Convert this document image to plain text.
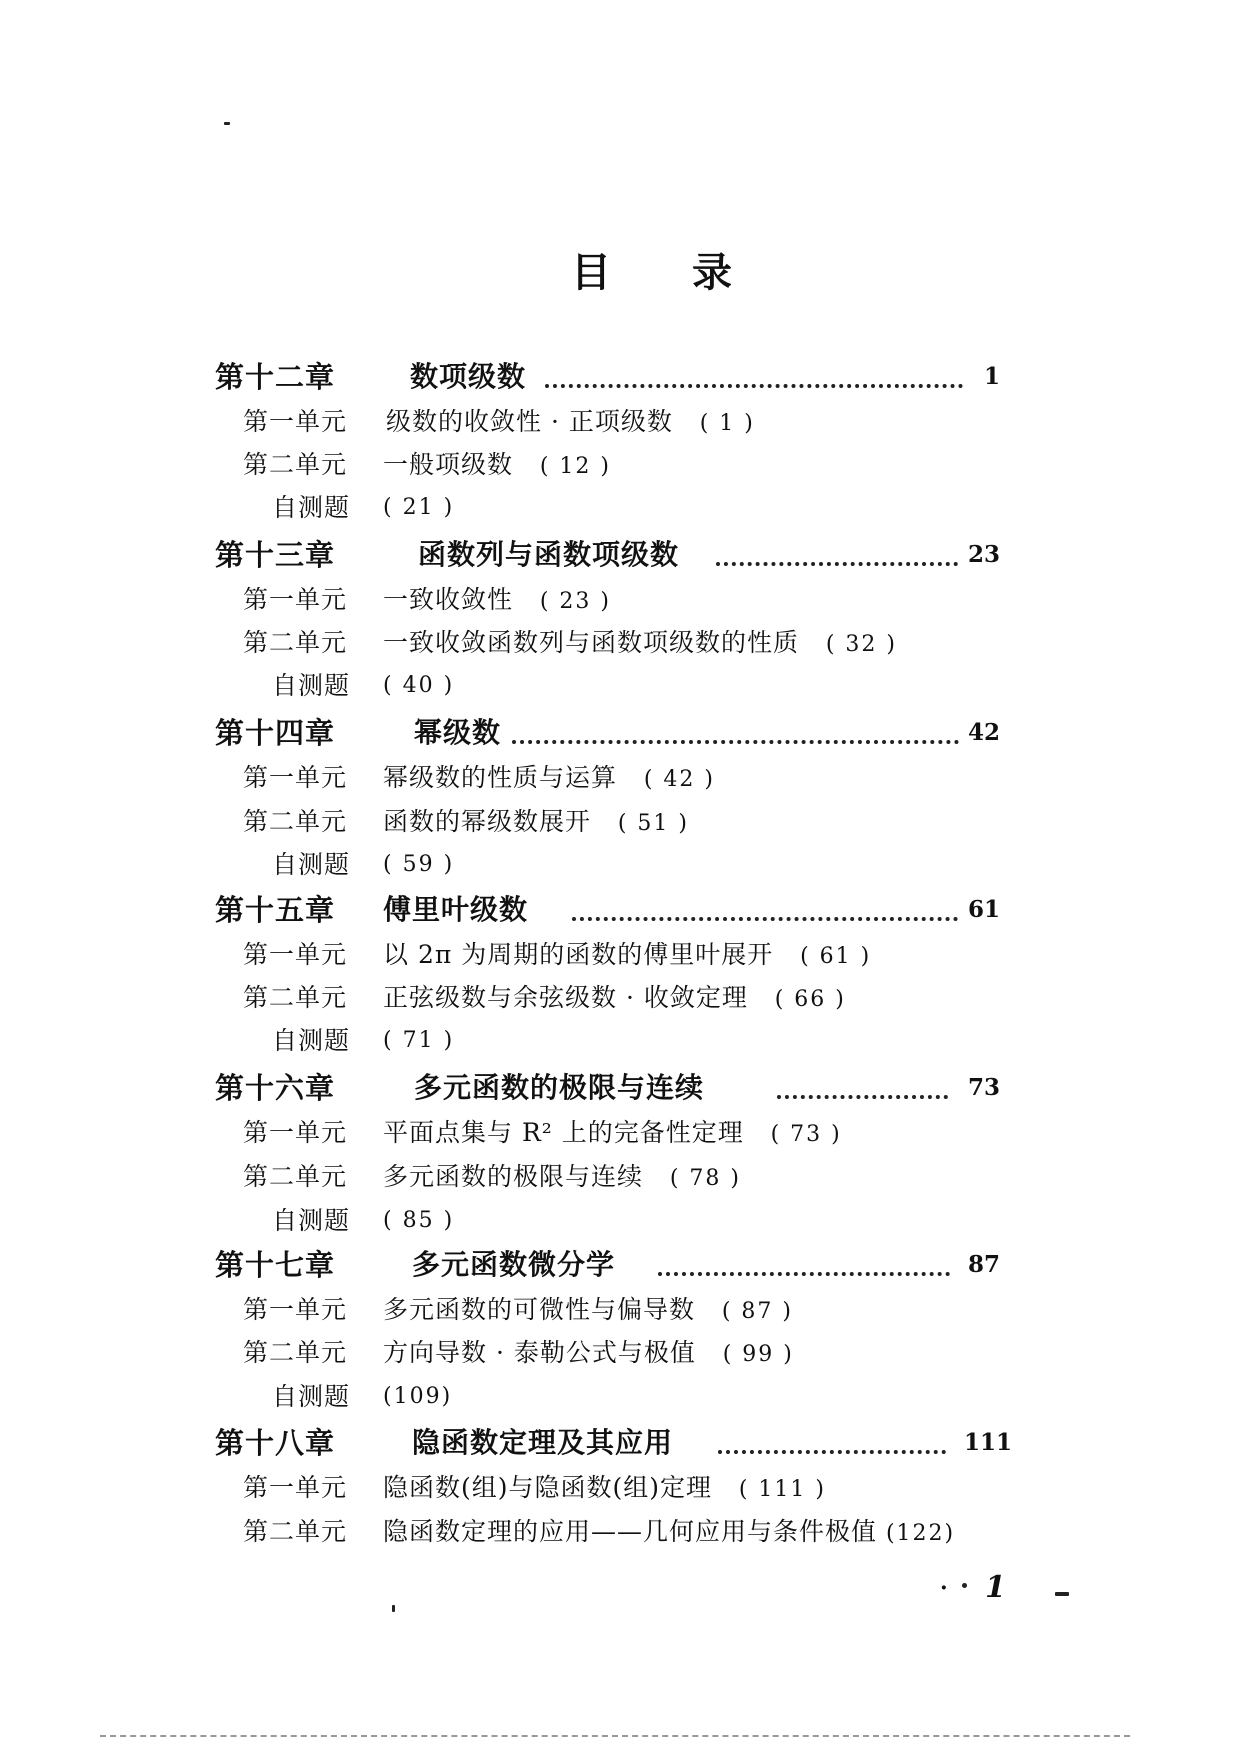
目 录
第十二章	数项级数	1
第一单元 级数的收敛性 · 正项级数 ( 1 )
第二单元 一般项级数 ( 12 )
自测题 ( 21 )
第十三章	函数列与函数项级数	23
第一单元 一致收敛性 ( 23 )
第二单元 一致收敛函数列与函数项级数的性质 ( 32 )
自测题 ( 40 )
第十四章	幂级数	42
第一单元 幂级数的性质与运算 ( 42 )
第二单元 函数的幂级数展开 ( 51 )
自测题 ( 59 )
第十五章 傅里叶级数	61
第一单元 以 2π 为周期的函数的傅里叶展开 ( 61 )
第二单元 正弦级数与余弦级数 · 收敛定理 ( 66 )
自测题 ( 71 )
第十六章	多元函数的极限与连续	73
第一单元 平面点集与 R² 上的完备性定理 ( 73 )
第二单元 多元函数的极限与连续 ( 78 )
自测题 ( 85 )
第十七章	多元函数微分学	87
第一单元 多元函数的可微性与偏导数 ( 87 )
第二单元 方向导数 · 泰勒公式与极值 ( 99 )
自测题 (109)
第十八章	隐函数定理及其应用	111
第一单元 隐函数(组)与隐函数(组)定理 ( 111 )
第二单元 隐函数定理的应用——几何应用与条件极值 (122)
· 1
